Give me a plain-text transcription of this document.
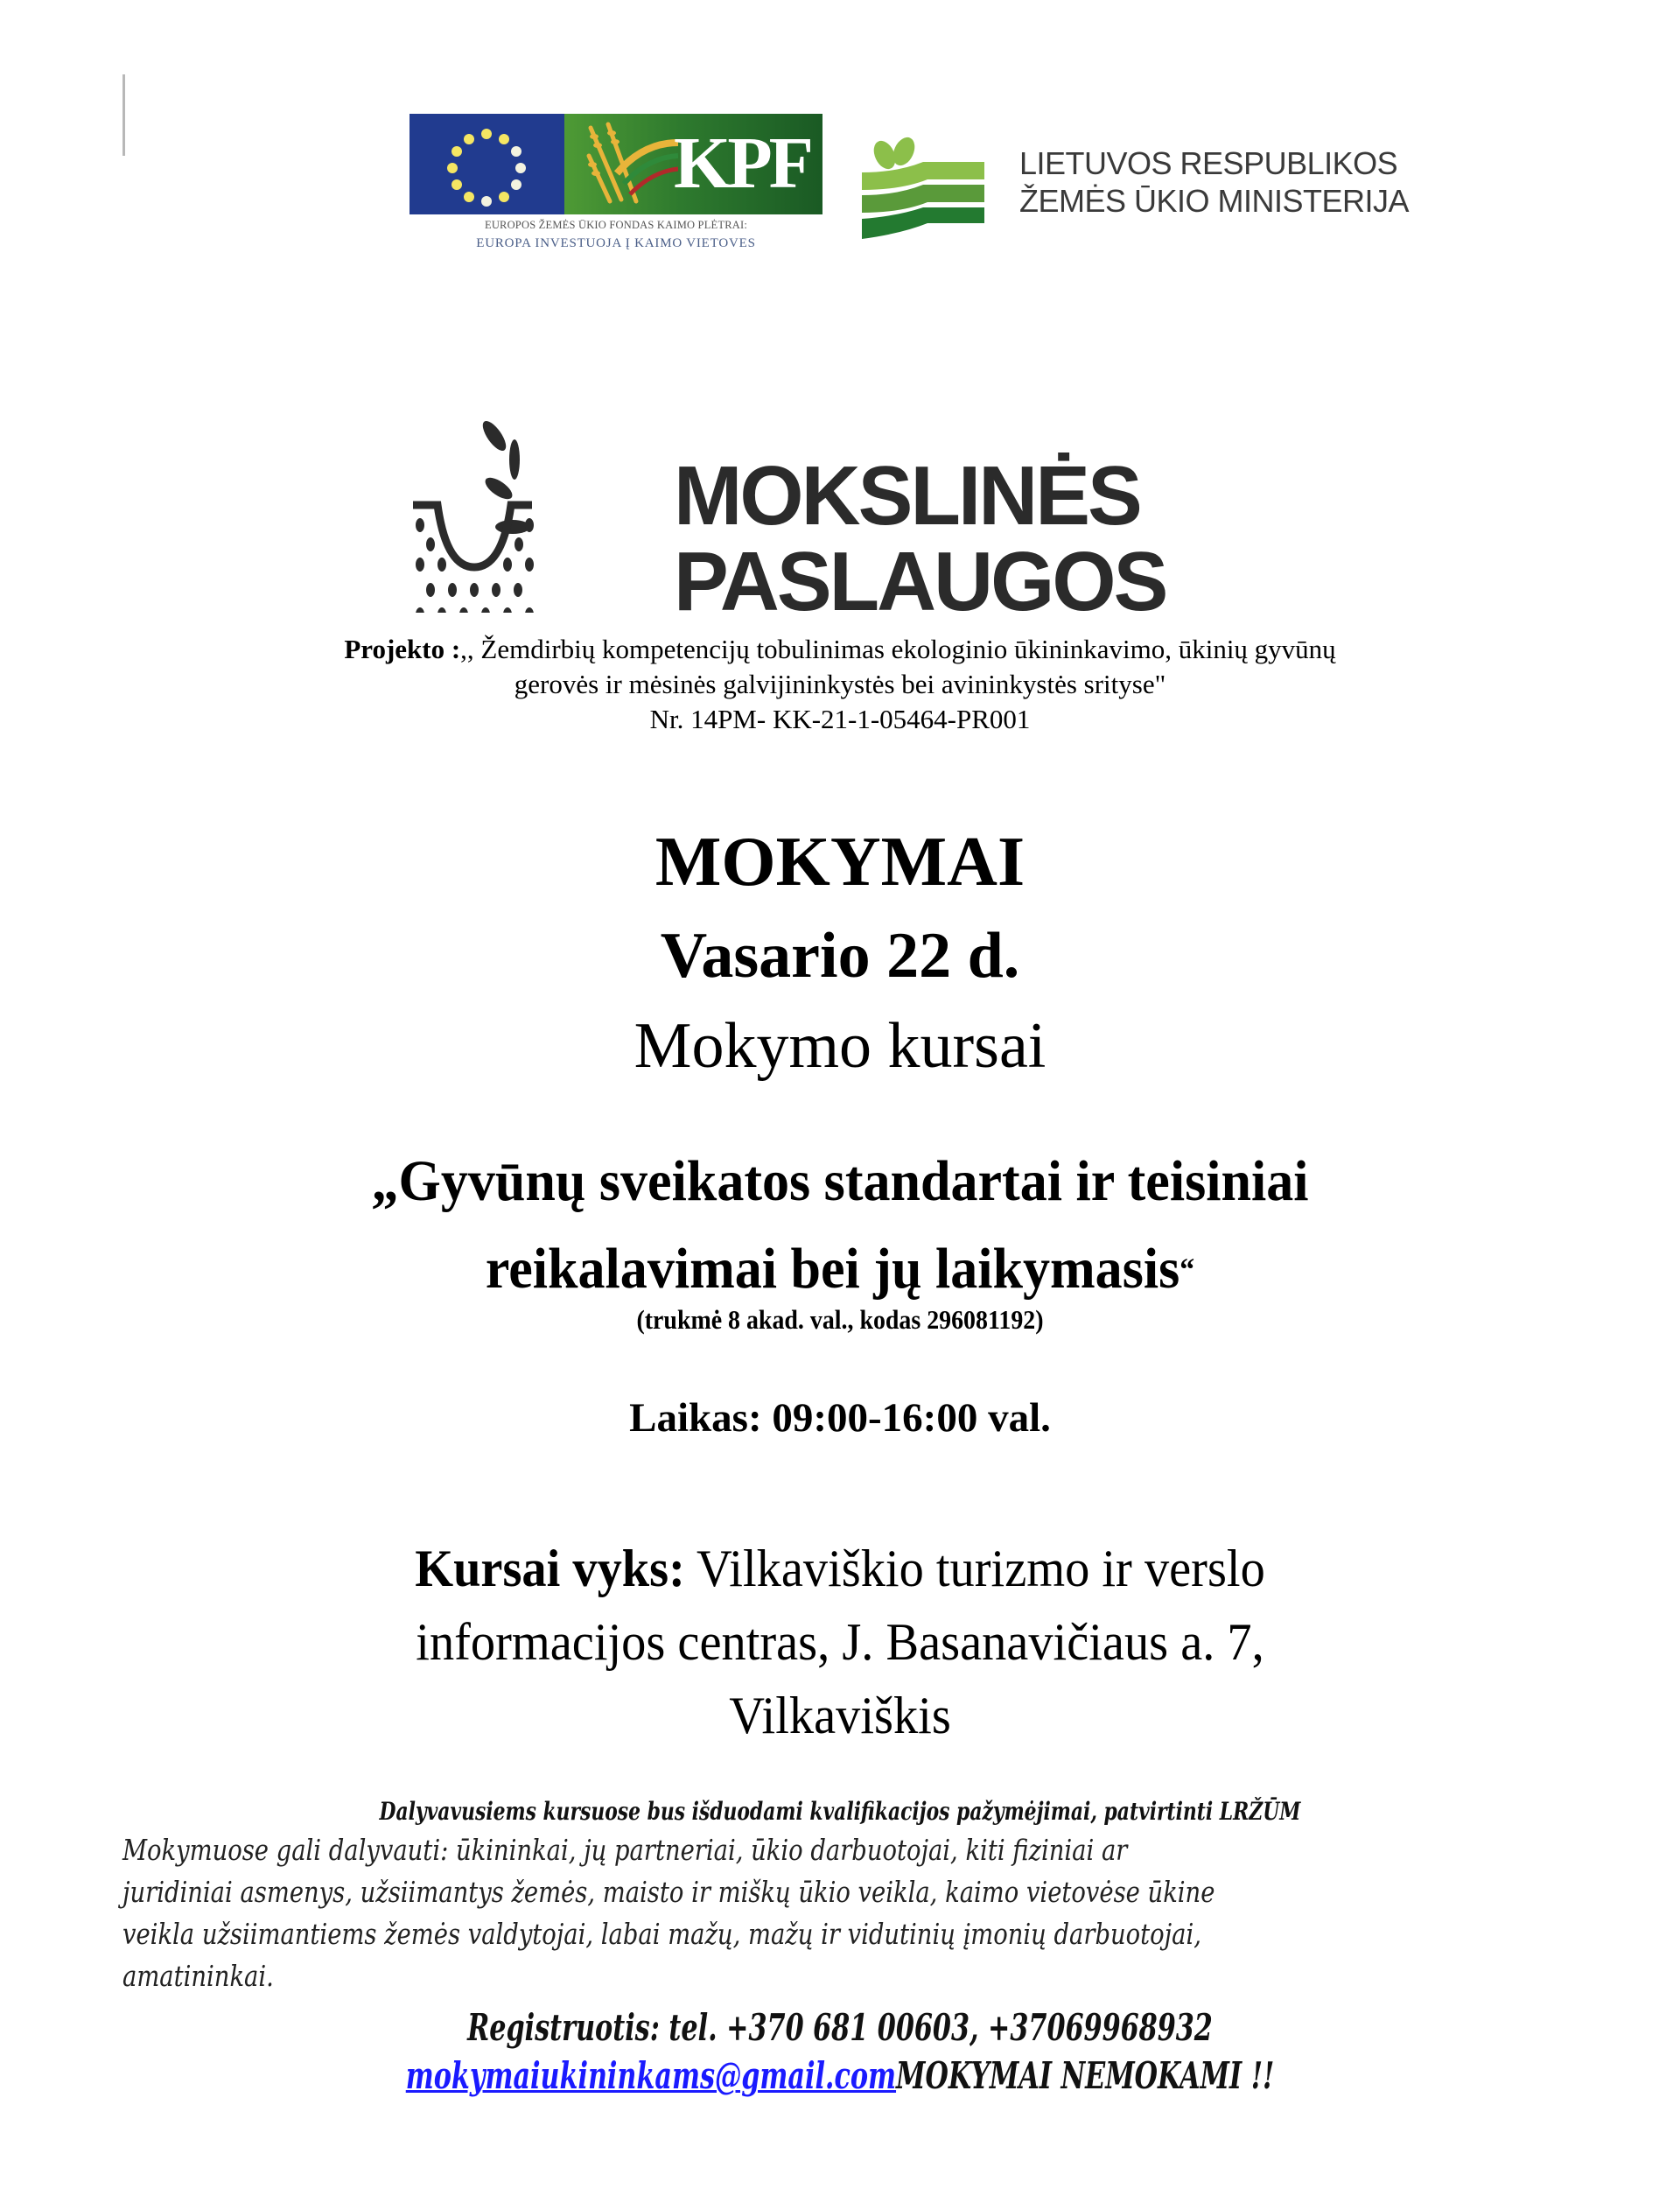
KPF
EUROPOS ŽEMĖS ŪKIO FONDAS KAIMO PLĖTRAI:
EUROPA INVESTUOJA Į KAIMO VIETOVES
LIETUVOS RESPUBLIKOS
ŽEMĖS ŪKIO MINISTERIJA
MOKSLINĖS
PASLAUGOS
Projekto :,, Žemdirbių kompetencijų tobulinimas ekologinio ūkininkavimo, ūkinių gyvūnų
gerovės ir mėsinės galvijininkystės bei avininkystės srityse"
Nr. 14PM- KK-21-1-05464-PR001
MOKYMAI
Vasario 22 d.
Mokymo kursai
„Gyvūnų sveikatos standartai ir teisiniai
reikalavimai bei jų laikymasis“
(trukmė 8 akad. val., kodas 296081192)
Laikas: 09:00-16:00 val.
Kursai vyks: Vilkaviškio turizmo ir verslo
informacijos centras, J. Basanavičiaus a. 7,
Vilkaviškis
Dalyvavusiems kursuose bus išduodami kvalifikacijos pažymėjimai, patvirtinti LRŽŪM
Mokymuose gali dalyvauti: ūkininkai, jų partneriai, ūkio darbuotojai, kiti fiziniai ar
juridiniai asmenys, užsiimantys žemės, maisto ir miškų ūkio veikla, kaimo vietovėse ūkine
veikla užsiimantiems žemės valdytojai, labai mažų, mažų ir vidutinių įmonių darbuotojai,
amatininkai.
Registruotis: tel. +370 681 00603, +37069968932
mokymaiukininkams@gmail.comMOKYMAI NEMOKAMI !!
